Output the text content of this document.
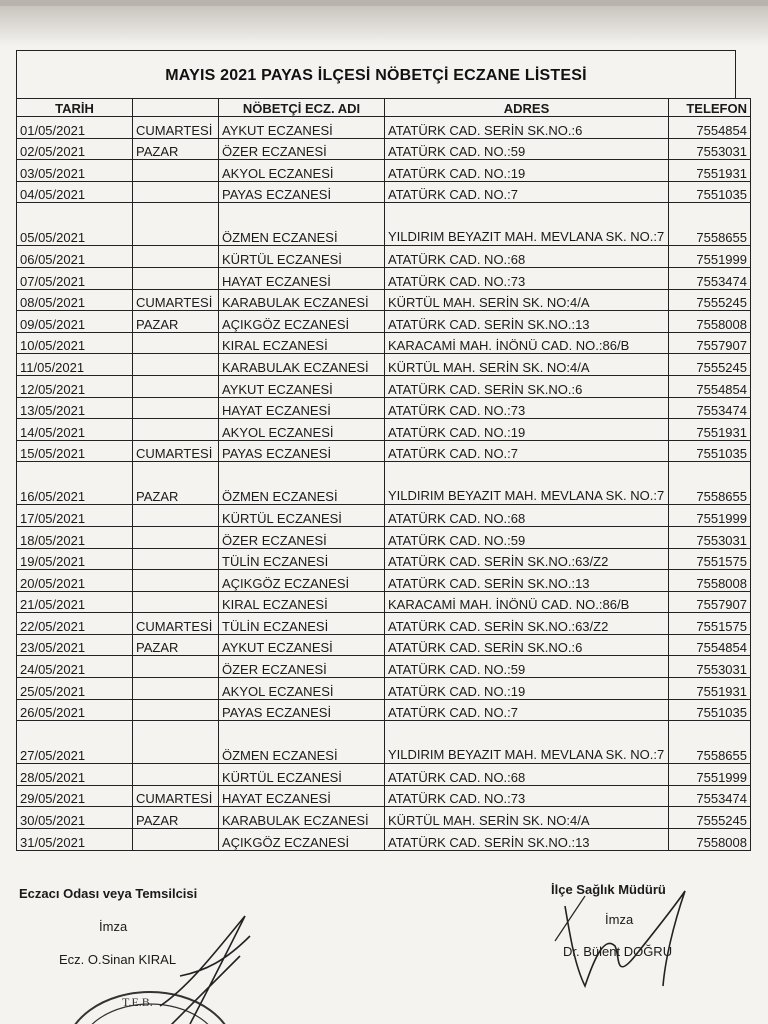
MAYIS 2021 PAYAS İLÇESİ NÖBETÇİ ECZANE LİSTESİ
TARİH		NÖBETÇİ ECZ. ADI	ADRES	TELEFON
01/05/2021	CUMARTESİ	AYKUT ECZANESİ	ATATÜRK CAD. SERİN SK.NO.:6	7554854
02/05/2021	PAZAR	ÖZER ECZANESİ	ATATÜRK CAD. NO.:59	7553031
03/05/2021		AKYOL ECZANESİ	ATATÜRK CAD. NO.:19	7551931
04/05/2021		PAYAS ECZANESİ	ATATÜRK CAD. NO.:7	7551035
05/05/2021		ÖZMEN ECZANESİ	YILDIRIM BEYAZIT MAH. MEVLANA SK. NO.:7	7558655
06/05/2021		KÜRTÜL ECZANESİ	ATATÜRK CAD. NO.:68	7551999
07/05/2021		HAYAT ECZANESİ	ATATÜRK CAD. NO.:73	7553474
08/05/2021	CUMARTESİ	KARABULAK ECZANESİ	KÜRTÜL MAH. SERİN SK. NO:4/A	7555245
09/05/2021	PAZAR	AÇIKGÖZ ECZANESİ	ATATÜRK CAD. SERİN SK.NO.:13	7558008
10/05/2021		KIRAL ECZANESİ	KARACAMİ MAH. İNÖNÜ CAD. NO.:86/B	7557907
11/05/2021		KARABULAK ECZANESİ	KÜRTÜL MAH. SERİN SK. NO:4/A	7555245
12/05/2021		AYKUT ECZANESİ	ATATÜRK CAD. SERİN SK.NO.:6	7554854
13/05/2021		HAYAT ECZANESİ	ATATÜRK CAD. NO.:73	7553474
14/05/2021		AKYOL ECZANESİ	ATATÜRK CAD. NO.:19	7551931
15/05/2021	CUMARTESİ	PAYAS ECZANESİ	ATATÜRK CAD. NO.:7	7551035
16/05/2021	PAZAR	ÖZMEN ECZANESİ	YILDIRIM BEYAZIT MAH. MEVLANA SK. NO.:7	7558655
17/05/2021		KÜRTÜL ECZANESİ	ATATÜRK CAD. NO.:68	7551999
18/05/2021		ÖZER ECZANESİ	ATATÜRK CAD. NO.:59	7553031
19/05/2021		TÜLİN ECZANESİ	ATATÜRK CAD. SERİN SK.NO.:63/Z2	7551575
20/05/2021		AÇIKGÖZ ECZANESİ	ATATÜRK CAD. SERİN SK.NO.:13	7558008
21/05/2021		KIRAL ECZANESİ	KARACAMİ MAH. İNÖNÜ CAD. NO.:86/B	7557907
22/05/2021	CUMARTESİ	TÜLİN ECZANESİ	ATATÜRK CAD. SERİN SK.NO.:63/Z2	7551575
23/05/2021	PAZAR	AYKUT ECZANESİ	ATATÜRK CAD. SERİN SK.NO.:6	7554854
24/05/2021		ÖZER ECZANESİ	ATATÜRK CAD. NO.:59	7553031
25/05/2021		AKYOL ECZANESİ	ATATÜRK CAD. NO.:19	7551931
26/05/2021		PAYAS ECZANESİ	ATATÜRK CAD. NO.:7	7551035
27/05/2021		ÖZMEN ECZANESİ	YILDIRIM BEYAZIT MAH. MEVLANA SK. NO.:7	7558655
28/05/2021		KÜRTÜL ECZANESİ	ATATÜRK CAD. NO.:68	7551999
29/05/2021	CUMARTESİ	HAYAT ECZANESİ	ATATÜRK CAD. NO.:73	7553474
30/05/2021	PAZAR	KARABULAK ECZANESİ	KÜRTÜL MAH. SERİN SK. NO:4/A	7555245
31/05/2021		AÇIKGÖZ ECZANESİ	ATATÜRK CAD. SERİN SK.NO.:13	7558008
Eczacı Odası veya Temsilcisi
İmza
Ecz. O.Sinan KIRAL
İlçe Sağlık Müdürü
İmza
Dr. Bülent DOĞRU
T.E.B.
